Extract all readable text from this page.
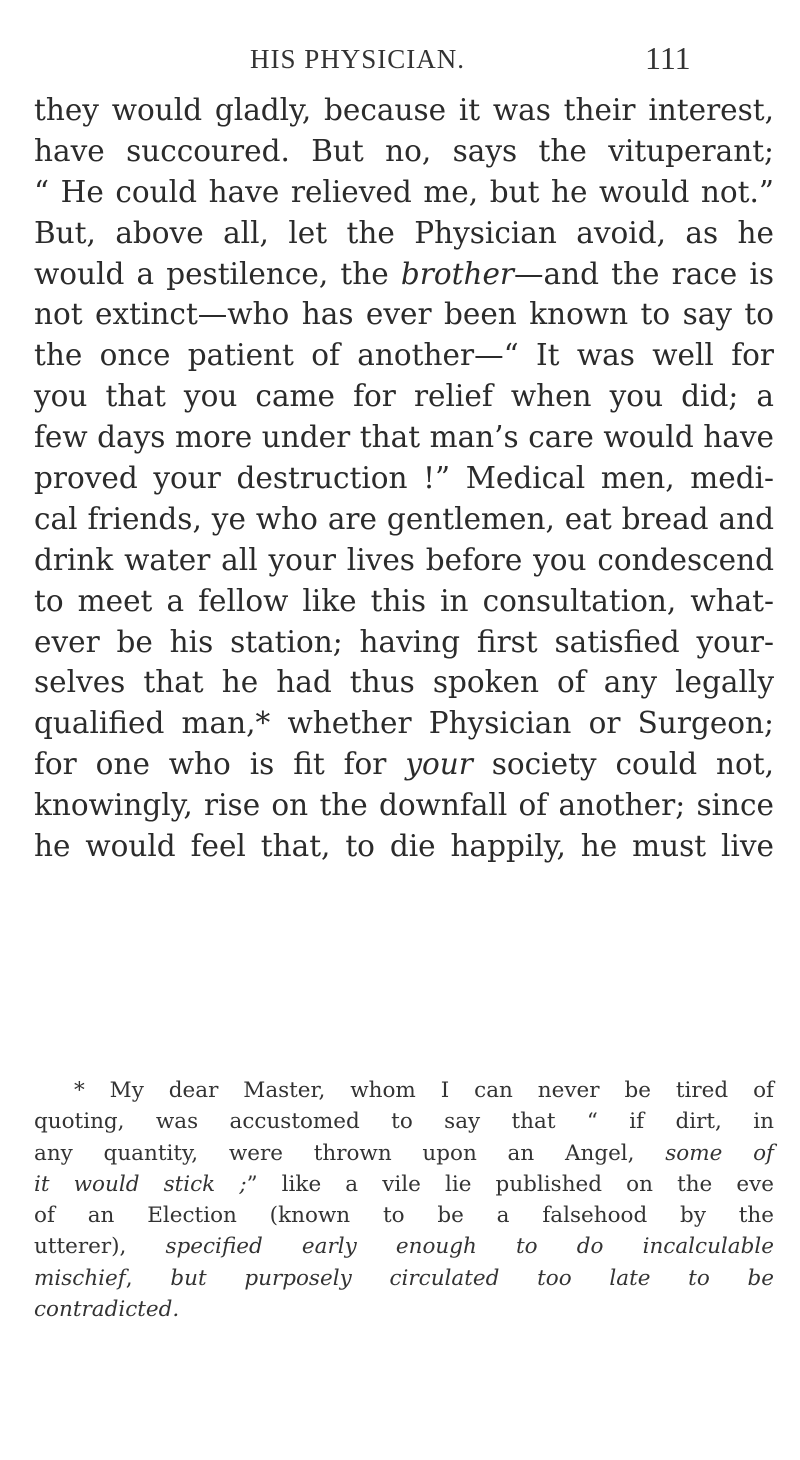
HIS PHYSICIAN.	111
they would gladly, because it was their interest,
have succoured. But no, says the vituperant;
“ He could have relieved me, but he would not.”
But, above all, let the Physician avoid, as he
would a pestilence, the brother—and the race is
not extinct—who has ever been known to say to
the once patient of another—“ It was well for
you that you came for relief when you did; a
few days more under that man’s care would have
proved your destruction !” Medical men, medi-
cal friends, ye who are gentlemen, eat bread and
drink water all your lives before you condescend
to meet a fellow like this in consultation, what-
ever be his station; having first satisfied your-
selves that he had thus spoken of any legally
qualified man,* whether Physician or Surgeon;
for one who is fit for your society could not,
knowingly, rise on the downfall of another; since
he would feel that, to die happily, he must live
* My dear Master, whom I can never be tired of
quoting, was accustomed to say that “ if dirt, in
any quantity, were thrown upon an Angel, some of
it would stick ;” like a vile lie published on the eve
of an Election (known to be a falsehood by the
utterer), specified early enough to do incalculable
mischief, but purposely circulated too late to be
contradicted.
